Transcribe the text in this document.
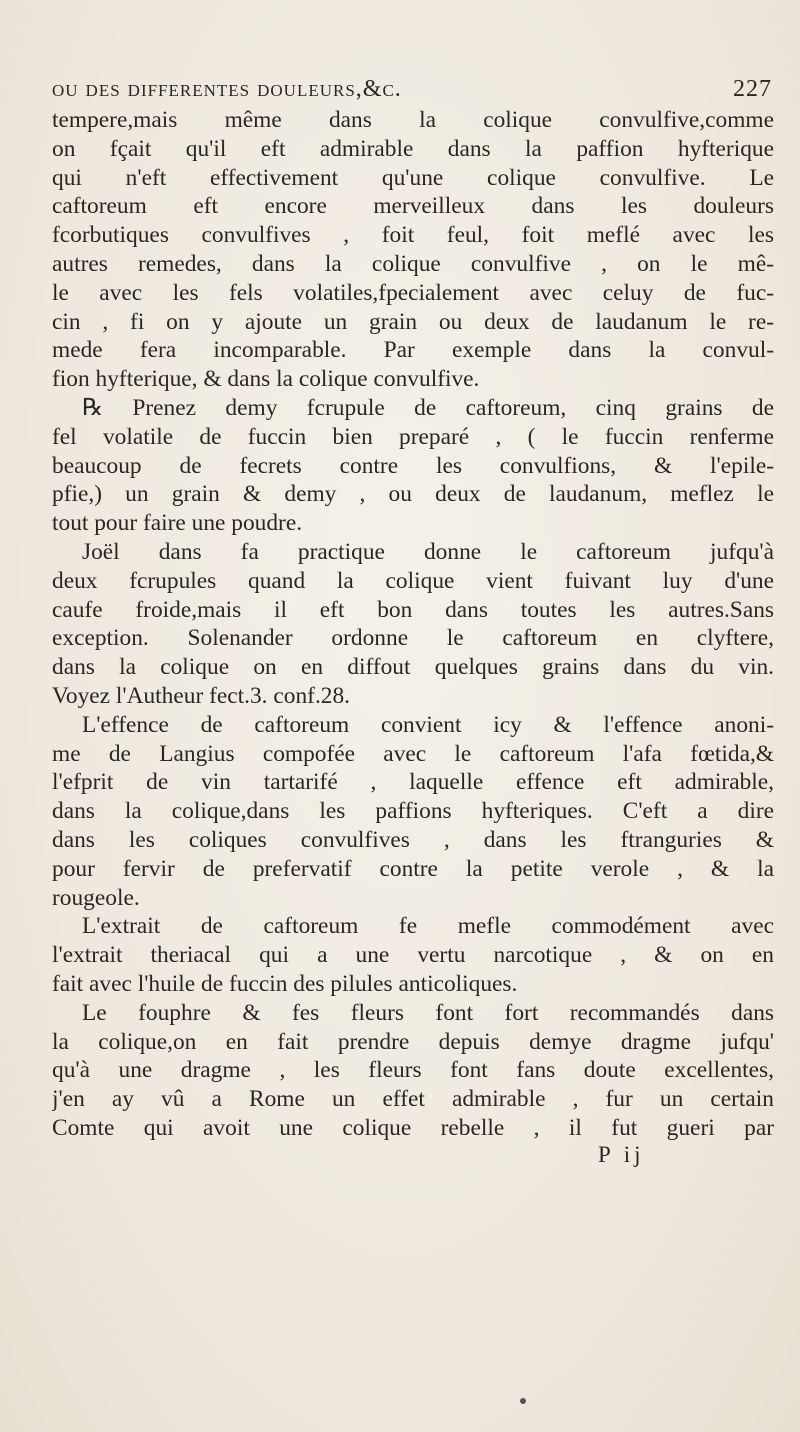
ou des differentes douleurs,&c.	227
tempere,mais même dans la colique convulfive,comme
on fçait qu'il eft admirable dans la paffion hyfterique
qui n'eft effectivement qu'une colique convulfive. Le
caftoreum eft encore merveilleux dans les douleurs
fcorbutiques convulfives , foit feul, foit meflé avec les
autres remedes, dans la colique convulfive , on le mê-
le avec les fels volatiles,fpecialement avec celuy de fuc-
cin , fi on y ajoute un grain ou deux de laudanum le re-
mede fera incomparable. Par exemple dans la convul-
fion hyfterique, & dans la colique convulfive.
℞ Prenez demy fcrupule de caftoreum, cinq grains de
fel volatile de fuccin bien preparé , ( le fuccin renferme
beaucoup de fecrets contre les convulfions, & l'epile-
pfie,) un grain & demy , ou deux de laudanum, meflez le
tout pour faire une poudre.
Joël dans fa practique donne le caftoreum jufqu'à
deux fcrupules quand la colique vient fuivant luy d'une
caufe froide,mais il eft bon dans toutes les autres.Sans
exception. Solenander ordonne le caftoreum en clyftere,
dans la colique on en diffout quelques grains dans du vin.
Voyez l'Autheur fect.3. conf.28.
L'effence de caftoreum convient icy & l'effence anoni-
me de Langius compofée avec le caftoreum l'afa fœtida,&
l'efprit de vin tartarifé , laquelle effence eft admirable,
dans la colique,dans les paffions hyfteriques. C'eft a dire
dans les coliques convulfives , dans les ftranguries &
pour fervir de prefervatif contre la petite verole , & la
rougeole.
L'extrait de caftoreum fe mefle commodément avec
l'extrait theriacal qui a une vertu narcotique , & on en
fait avec l'huile de fuccin des pilules anticoliques.
Le fouphre & fes fleurs font fort recommandés dans
la colique,on en fait prendre depuis demye dragme jufqu'
qu'à une dragme , les fleurs font fans doute excellentes,
j'en ay vû a Rome un effet admirable , fur un certain
Comte qui avoit une colique rebelle , il fut gueri par
P ij
